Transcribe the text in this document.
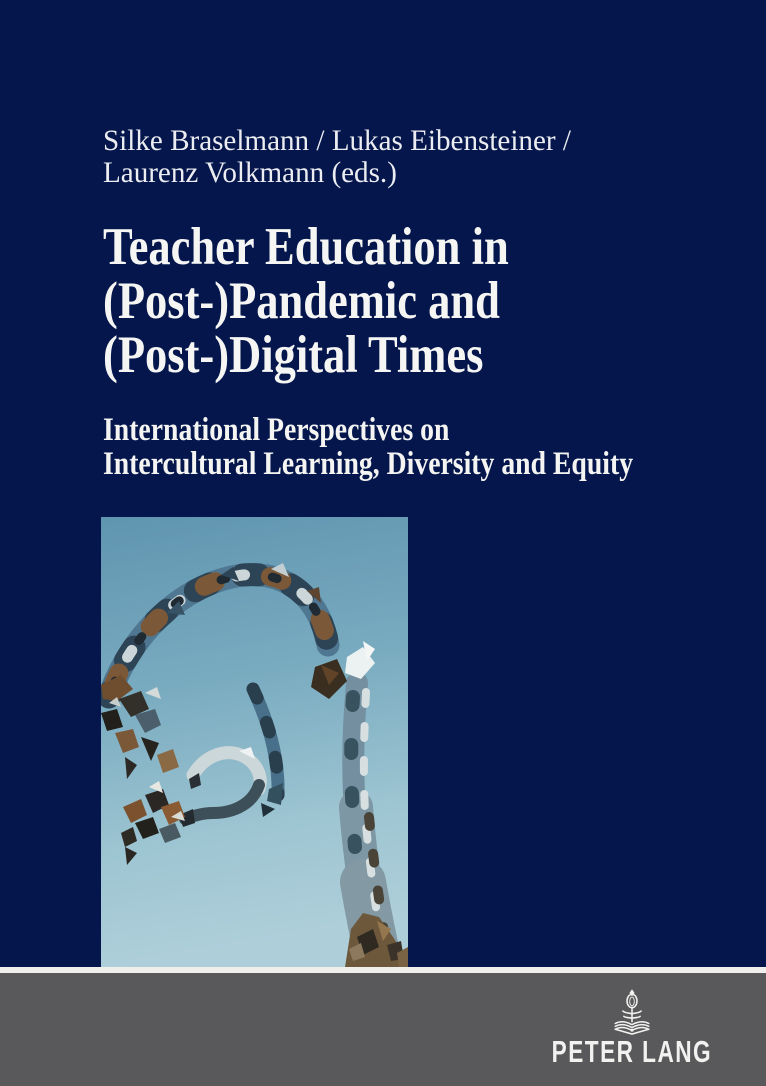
Silke Braselmann / Lukas Eibensteiner /
Laurenz Volkmann (eds.)
Teacher Education in
(Post-)Pandemic and
(Post-)Digital Times
International Perspectives on
Intercultural Learning, Diversity and Equity
PETER LANG
